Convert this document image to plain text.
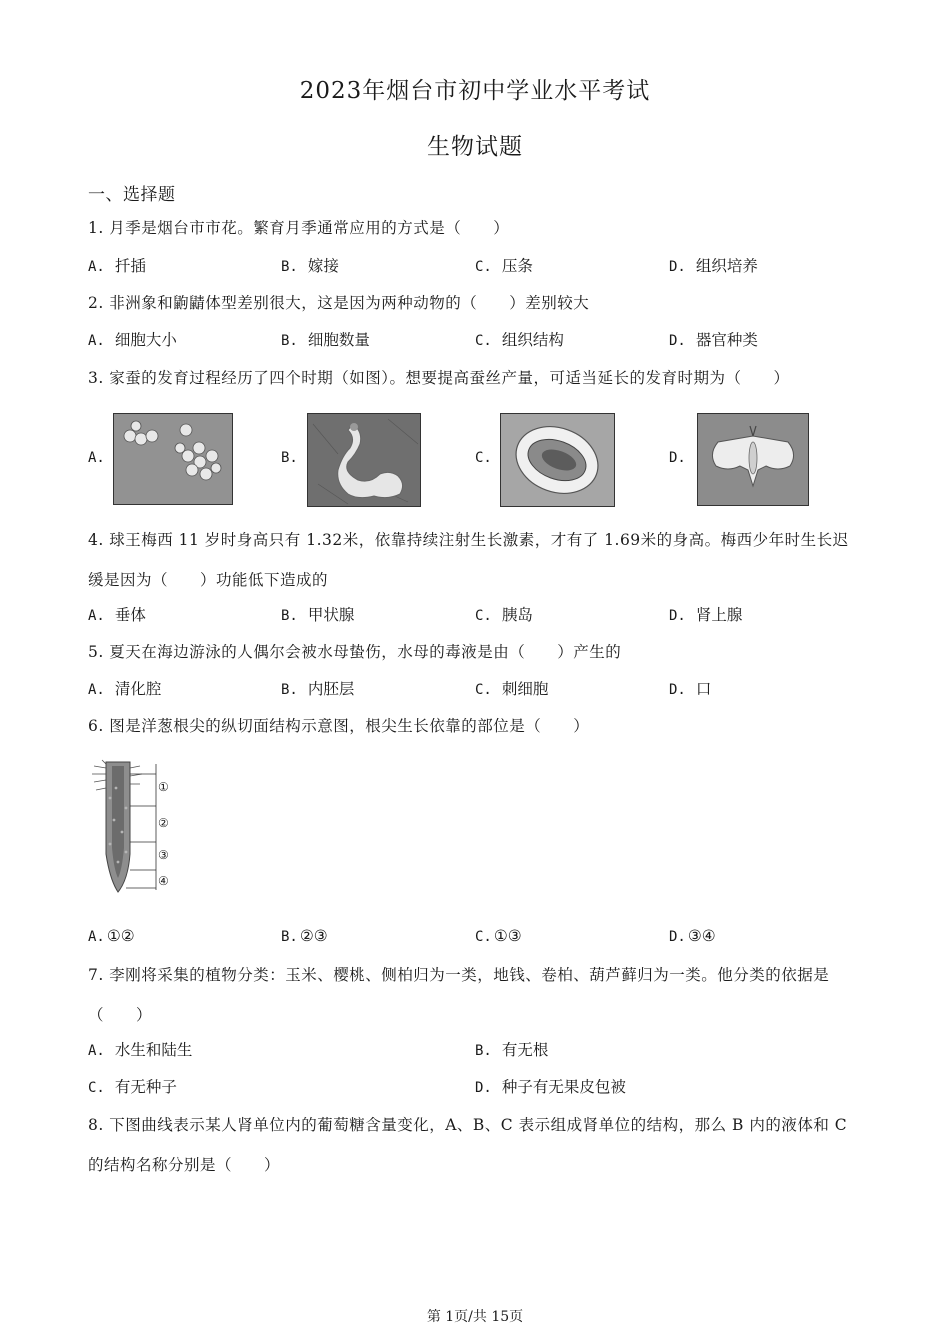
2023年烟台市初中学业水平考试
生物试题
一、选择题
1. 月季是烟台市市花。繁育月季通常应用的方式是（　　）
A. 扦插	B. 嫁接	C. 压条	D. 组织培养
2. 非洲象和鼩鼱体型差别很大，这是因为两种动物的（　　）差别较大
A. 细胞大小	B. 细胞数量	C. 组织结构	D. 器官种类
3. 家蚕的发育过程经历了四个时期（如图）。想要提高蚕丝产量，可适当延长的发育时期为（　　）
A.	B.	C.	D.
4. 球王梅西 11 岁时身高只有 1.32米，依靠持续注射生长激素，才有了 1.69米的身高。梅西少年时生长迟
缓是因为（　　）功能低下造成的
A. 垂体	B. 甲状腺	C. 胰岛	D. 肾上腺
5. 夏天在海边游泳的人偶尔会被水母蛰伤，水母的毒液是由（　　）产生的
A. 清化腔	B. 内胚层	C. 刺细胞	D. 口
6. 图是洋葱根尖的纵切面结构示意图，根尖生长依靠的部位是（　　）
①
②
③
④
A. ①②	B. ②③	C. ①③	D. ③④
7. 李刚将采集的植物分类：玉米、樱桃、侧柏归为一类，地钱、卷柏、葫芦藓归为一类。他分类的依据是
（　　）
A. 水生和陆生	B. 有无根
C. 有无种子	D. 种子有无果皮包被
8. 下图曲线表示某人肾单位内的葡萄糖含量变化，A、B、C 表示组成肾单位的结构，那么 B 内的液体和 C
的结构名称分别是（　　）
第 1页/共 15页
